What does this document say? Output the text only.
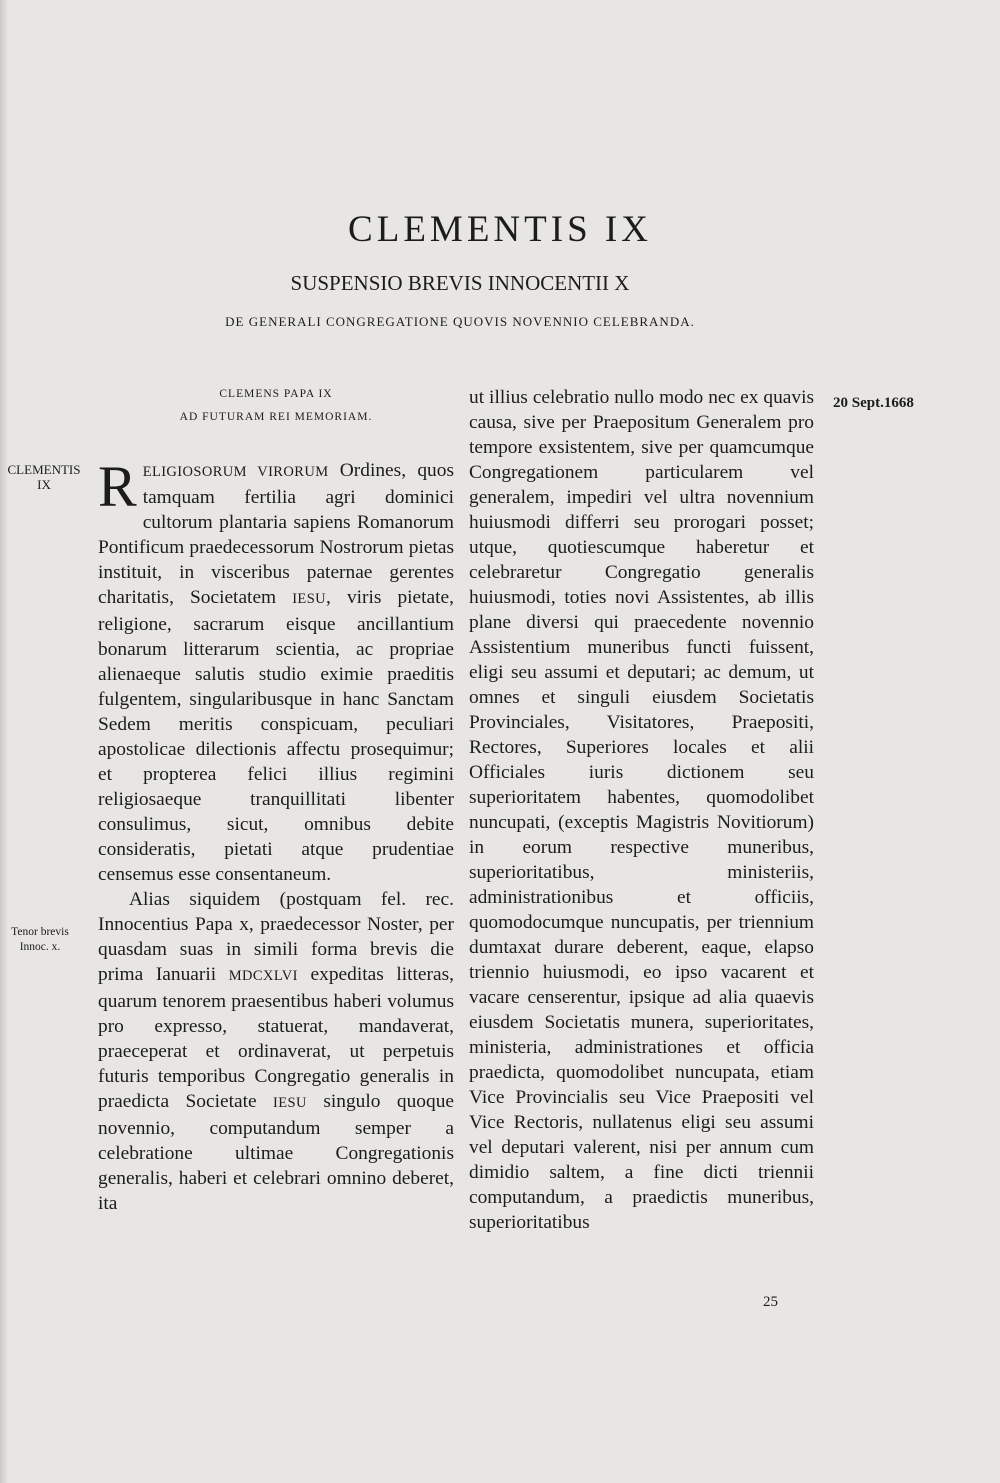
CLEMENTIS IX
SUSPENSIO BREVIS INNOCENTII X
DE GENERALI CONGREGATIONE QUOVIS NOVENNIO CELEBRANDA.
CLEMENS PAPA IX
AD FUTURAM REI MEMORIAM.
CLEMENTIS
IX
Tenor brevis
Innoc. x.
20 Sept.1668

RELIGIOSORUM VIRORUM Ordines, quos tamquam fertilia agri dominici cultorum plantaria sapiens Romanorum Pontificum praedecessorum Nostrorum pietas instituit, in visceribus paternae gerentes charitatis, Societatem IESU, viris pietate, religione, sacrarum eisque ancillantium bonarum litterarum scientia, ac propriae alienaeque salutis studio eximie praeditis fulgentem, singularibusque in hanc Sanctam Sedem meritis conspicuam, peculiari apostolicae dilectionis affectu prosequimur; et propterea felici illius regimini religiosaeque tranquillitati libenter consulimus, sicut, omnibus debite consideratis, pietati atque prudentiae censemus esse consentaneum.

Alias siquidem (postquam fel. rec. Innocentius Papa x, praedecessor Noster, per quasdam suas in simili forma brevis die prima Ianuarii MDCXLVI expeditas litteras, quarum tenorem praesentibus haberi volumus pro expresso, statuerat, mandaverat, praeceperat et ordinaverat, ut perpetuis futuris temporibus Congregatio generalis in praedicta Societate IESU singulo quoque novennio, computandum semper a celebratione ultimae Congregationis generalis, haberi et celebrari omnino deberet, ita

ut illius celebratio nullo modo nec ex quavis causa, sive per Praepositum Generalem pro tempore exsistentem, sive per quamcumque Congregationem particularem vel generalem, impediri vel ultra novennium huiusmodi differri seu prorogari posset; utque, quotiescumque haberetur et celebraretur Congregatio generalis huiusmodi, toties novi Assistentes, ab illis plane diversi qui praecedente novennio Assistentium muneribus functi fuissent, eligi seu assumi et deputari; ac demum, ut omnes et singuli eiusdem Societatis Provinciales, Visitatores, Praepositi, Rectores, Superiores locales et alii Officiales iuris dictionem seu superioritatem habentes, quomodolibet nuncupati, (exceptis Magistris Novitiorum) in eorum respective muneribus, superioritatibus, ministeriis, administrationibus et officiis, quomodocumque nuncupatis, per triennium dumtaxat durare deberent, eaque, elapso triennio huiusmodi, eo ipso vacarent et vacare censerentur, ipsique ad alia quaevis eiusdem Societatis munera, superioritates, ministeria, administrationes et officia praedicta, quomodolibet nuncupata, etiam Vice Provincialis seu Vice Praepositi vel Vice Rectoris, nullatenus eligi seu assumi vel deputari valerent, nisi per annum cum dimidio saltem, a fine dicti triennii computandum, a praedictis muneribus, superioritatibus

25
